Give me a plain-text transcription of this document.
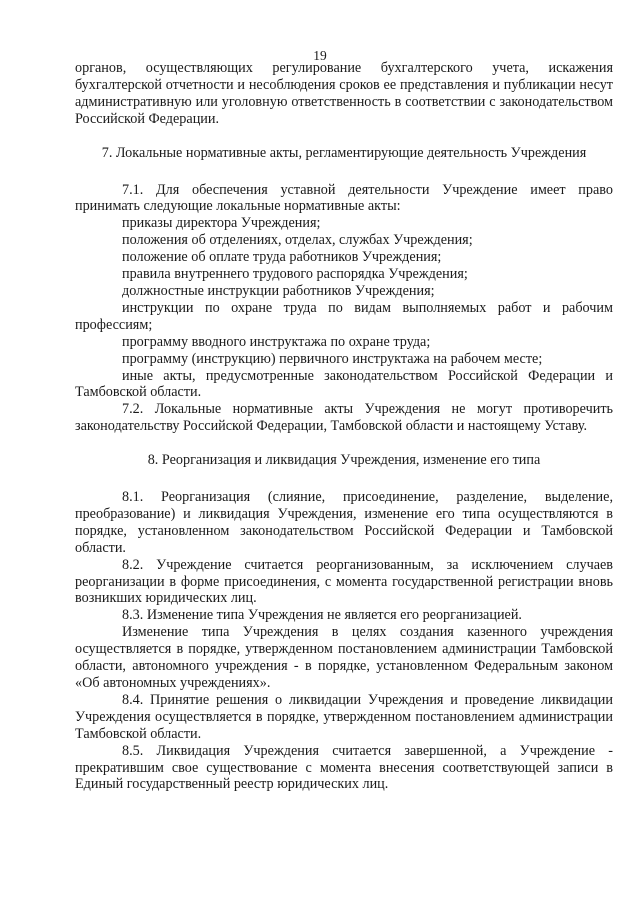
19

органов, осуществляющих регулирование бухгалтерского учета, искажения бухгалтерской отчетности и несоблюдения сроков ее представления и публикации несут административную или уголовную ответственность в соответствии с законодательством Российской Федерации.

7. Локальные нормативные акты, регламентирующие деятельность Учреждения

7.1. Для обеспечения уставной деятельности Учреждение имеет право принимать следующие локальные нормативные акты:

приказы директора Учреждения;

положения об отделениях, отделах, службах Учреждения;

положение об оплате труда работников Учреждения;

правила внутреннего трудового распорядка Учреждения;

должностные инструкции работников Учреждения;

инструкции по охране труда по видам выполняемых работ и рабочим профессиям;

программу вводного инструктажа по охране труда;

программу (инструкцию) первичного инструктажа на рабочем месте;

иные акты, предусмотренные законодательством Российской Федерации и Тамбовской области.

7.2. Локальные нормативные акты Учреждения не могут противоречить законодательству Российской Федерации, Тамбовской области и настоящему Уставу.

8. Реорганизация и ликвидация Учреждения, изменение его типа

8.1. Реорганизация (слияние, присоединение, разделение, выделение, преобразование) и ликвидация Учреждения, изменение его типа осуществляются в порядке, установленном законодательством Российской Федерации и Тамбовской области.

8.2. Учреждение считается реорганизованным, за исключением случаев реорганизации в форме присоединения, с момента государственной регистрации вновь возникших юридических лиц.

8.3. Изменение типа Учреждения не является его реорганизацией.

Изменение типа Учреждения в целях создания казенного учреждения осуществляется в порядке, утвержденном постановлением администрации Тамбовской области, автономного учреждения - в порядке, установленном Федеральным законом «Об автономных учреждениях».

8.4. Принятие решения о ликвидации Учреждения и проведение ликвидации Учреждения осуществляется в порядке, утвержденном постановлением администрации Тамбовской области.

8.5. Ликвидация Учреждения считается завершенной, а Учреждение - прекратившим свое существование с момента внесения соответствующей записи в Единый государственный реестр юридических лиц.
